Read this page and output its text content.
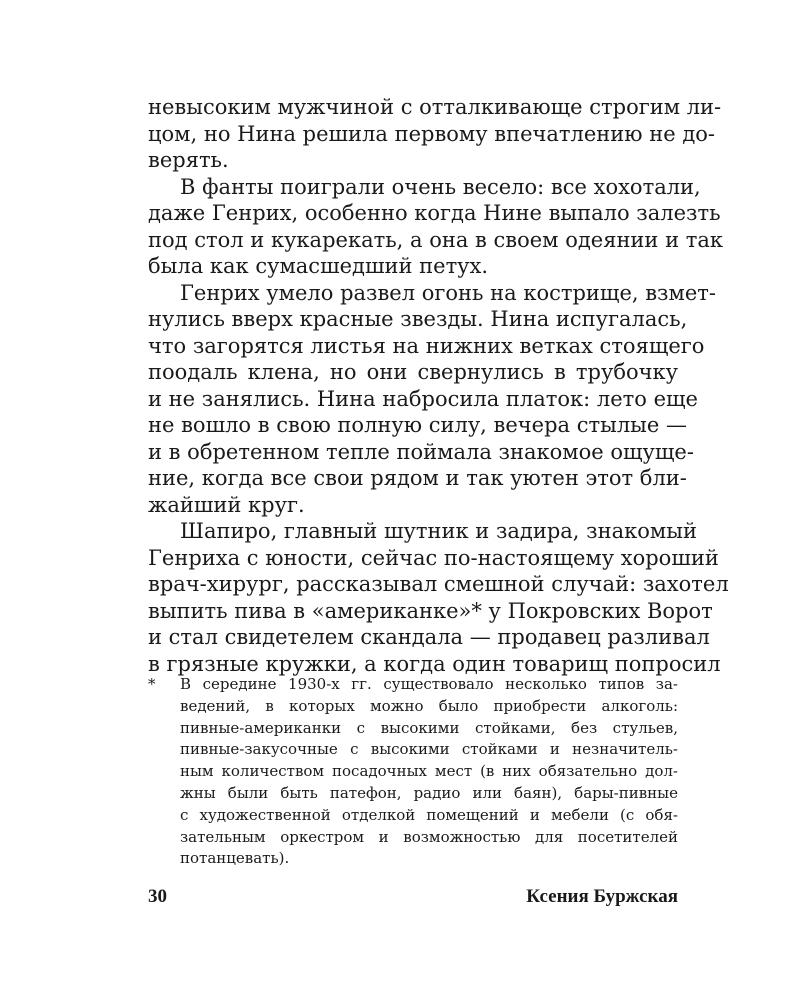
невысоким мужчиной с отталкивающе строгим ли-
цом, но Нина решила первому впечатлению не до-
верять.
В фанты поиграли очень весело: все хохотали,
даже Генрих, особенно когда Нине выпало залезть
под стол и кукарекать, а она в своем одеянии и так
была как сумасшедший петух.
Генрих умело развел огонь на кострище, взмет-
нулись вверх красные звезды. Нина испугалась,
что загорятся листья на нижних ветках стоящего
поодаль клена, но они свернулись в трубочку
и не занялись. Нина набросила платок: лето еще
не вошло в свою полную силу, вечера стылые —
и в обретенном тепле поймала знакомое ощуще-
ние, когда все свои рядом и так уютен этот бли-
жайший круг.
Шапиро, главный шутник и задира, знакомый
Генриха с юности, сейчас по-настоящему хороший
врач-хирург, рассказывал смешной случай: захотел
выпить пива в «американке»* у Покровских Ворот
и стал свидетелем скандала — продавец разливал
в грязные кружки, а когда один товарищ попросил
*	В середине 1930-х гг. существовало несколько типов за-
ведений, в которых можно было приобрести алкоголь:
пивные-американки с высокими стойками, без стульев,
пивные-закусочные с высокими стойками и незначитель-
ным количеством посадочных мест (в них обязательно дол-
жны были быть патефон, радио или баян), бары-пивные
с художественной отделкой помещений и мебели (с обя-
зательным оркестром и возможностью для посетителей
потанцевать).
30	Ксения Буржская
